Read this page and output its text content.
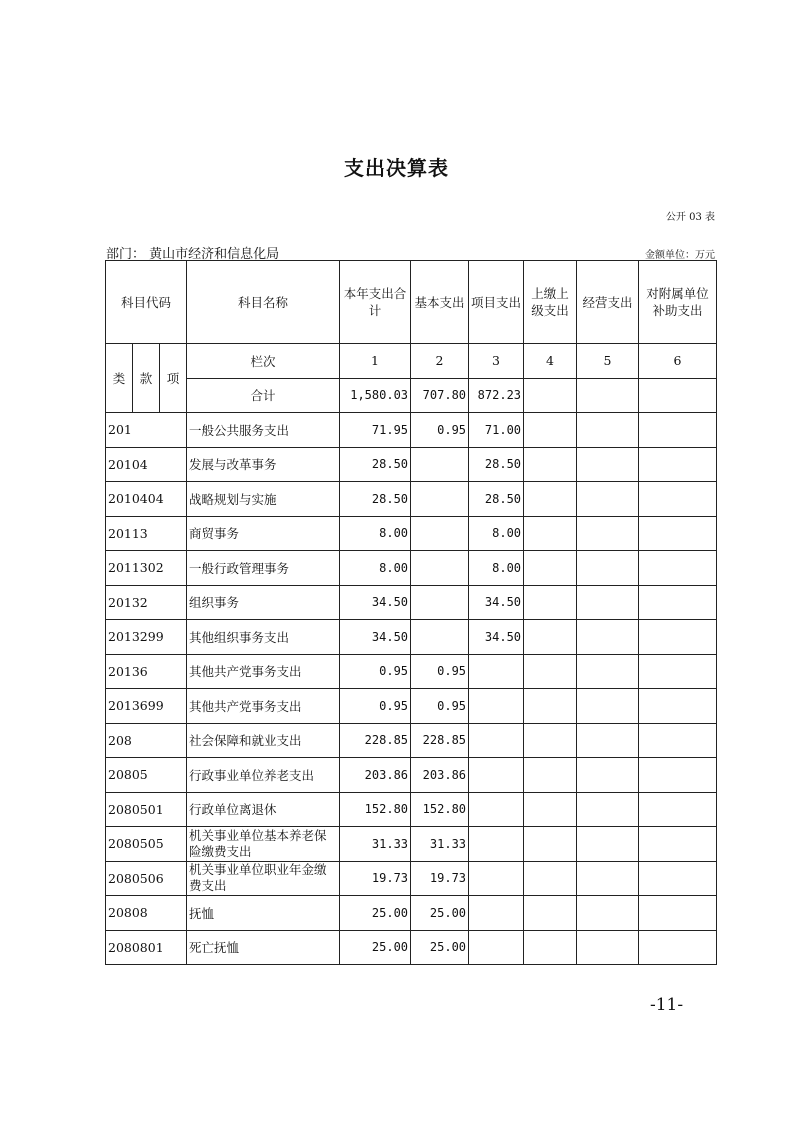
支出决算表
公开 03 表
部门： 黄山市经济和信息化局	金额单位：万元
科目代码			科目名称	本年支出合计	基本支出	项目支出	上缴上级支出	经营支出	对附属单位补助支出
类	款	项	栏次	1	2	3	4	5	6
			合计	1,580.03	707.80	872.23			
201			一般公共服务支出	71.95	0.95	71.00			
20104			发展与改革事务	28.50		28.50			
2010404			战略规划与实施	28.50		28.50			
20113			商贸事务	8.00		8.00			
2011302			一般行政管理事务	8.00		8.00			
20132			组织事务	34.50		34.50			
2013299			其他组织事务支出	34.50		34.50			
20136			其他共产党事务支出	0.95	0.95				
2013699			其他共产党事务支出	0.95	0.95				
208			社会保障和就业支出	228.85	228.85				
20805			行政事业单位养老支出	203.86	203.86				
2080501			行政单位离退休	152.80	152.80				
2080505			机关事业单位基本养老保险缴费支出	31.33	31.33				
2080506			机关事业单位职业年金缴费支出	19.73	19.73				
20808			抚恤	25.00	25.00				
2080801			死亡抚恤	25.00	25.00				
-11-
